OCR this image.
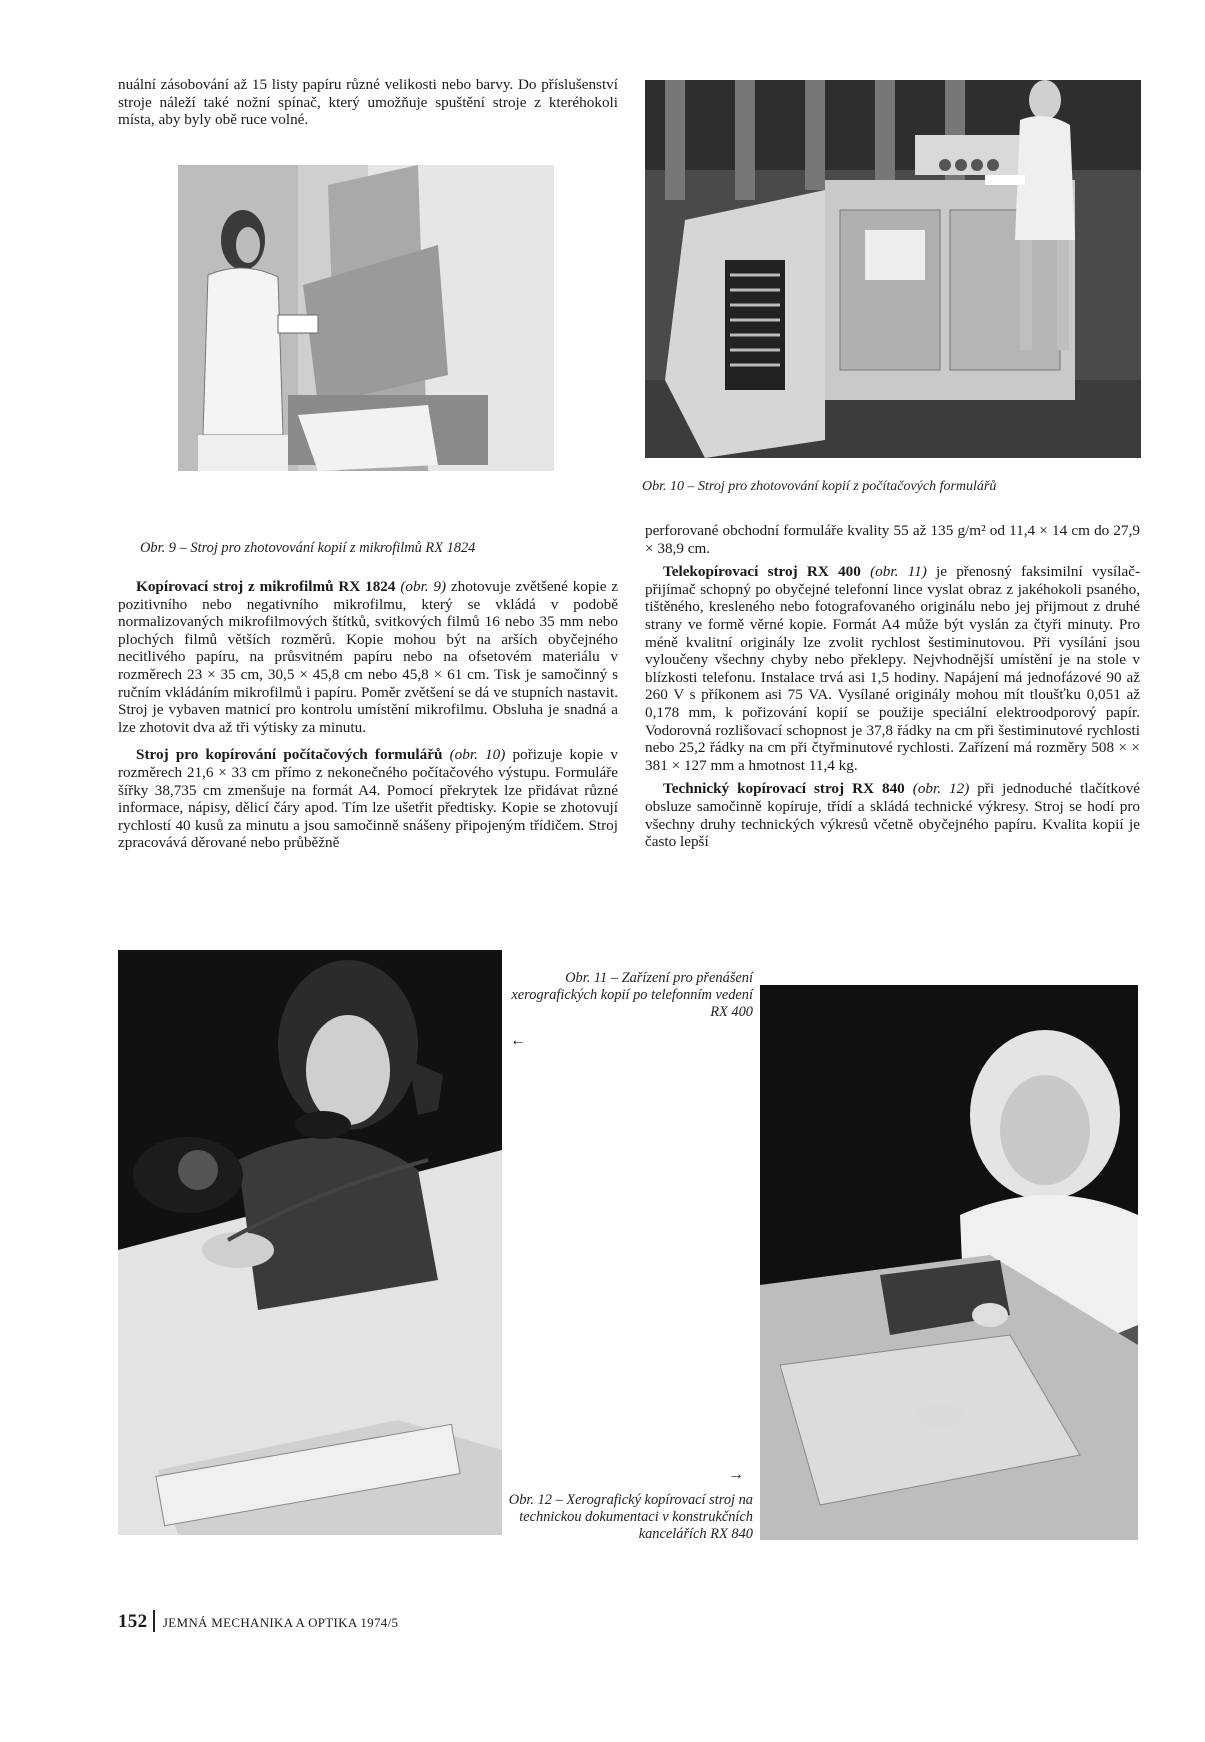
nuální zásobování až 15 listy papíru různé velikosti nebo barvy. Do příslušenství stroje náleží také nožní spínač, který umožňuje spuštění stroje z kteréhokoli místa, aby byly obě ruce volné.

Obr. 9 – Stroj pro zhotovování kopií z mikrofilmů RX 1824

Kopírovací stroj z mikrofilmů RX 1824 (obr. 9) zhotovuje zvětšené kopie z pozitivního nebo negativního mikrofilmu, který se vkládá v podobě normalizovaných mikrofilmových štítků, svitkových filmů 16 nebo 35 mm nebo plochých filmů větších rozměrů. Kopie mohou být na arších obyčejného necitlivého papíru, na průsvitném papíru nebo na ofsetovém materiálu v rozměrech 23 × 35 cm, 30,5 × 45,8 cm nebo 45,8 × 61 cm. Tisk je samočinný s ručním vkládáním mikrofilmů i papíru. Poměr zvětšení se dá ve stupních nastavit. Stroj je vybaven matnicí pro kontrolu umístění mikrofilmu. Obsluha je snadná a lze zhotovit dva až tři výtisky za minutu.

Stroj pro kopírování počítačových formulářů (obr. 10) pořizuje kopie v rozměrech 21,6 × 33 cm přímo z nekonečného počítačového výstupu. Formuláře šířky 38,735 cm zmenšuje na formát A4. Pomocí překrytek lze přidávat různé informace, nápisy, dělicí čáry apod. Tím lze ušetřit předtisky. Kopie se zhotovují rychlostí 40 kusů za minutu a jsou samočinně snášeny připojeným třídičem. Stroj zpracovává děrované nebo průběžně

Obr. 10 – Stroj pro zhotovování kopií z počítačových formulářů

perforované obchodní formuláře kvality 55 až 135 g/m² od 11,4 × 14 cm do 27,9 × 38,9 cm.

Telekopírovací stroj RX 400 (obr. 11) je přenosný faksimilní vysílač-přijímač schopný po obyčejné telefonní lince vyslat obraz z jakéhokoli psaného, tištěného, kresleného nebo fotografovaného originálu nebo jej přijmout z druhé strany ve formě věrné kopie. Formát A4 může být vyslán za čtyři minuty. Pro méně kvalitní originály lze zvolit rychlost šestiminutovou. Při vysílání jsou vyloučeny všechny chyby nebo překlepy. Nejvhodnější umístění je na stole v blízkosti telefonu. Instalace trvá asi 1,5 hodiny. Napájení má jednofázové 90 až 260 V s příkonem asi 75 VA. Vysílané originály mohou mít tloušťku 0,051 až 0,178 mm, k pořizování kopií se použije speciální elektroodporový papír. Vodorovná rozlišovací schopnost je 37,8 řádky na cm při šestiminutové rychlosti nebo 25,2 řádky na cm při čtyřminutové rychlosti. Zařízení má rozměry 508 × × 381 × 127 mm a hmotnost 11,4 kg.

Technický kopírovací stroj RX 840 (obr. 12) při jednoduché tlačítkové obsluze samočinně kopíruje, třídí a skládá technické výkresy. Stroj se hodí pro všechny druhy technických výkresů včetně obyčejného papíru. Kvalita kopií je často lepší

Obr. 11 – Zařízení pro přenášení xerografických kopií po telefonním vedení RX 400
←
→
Obr. 12 – Xerografický kopírovací stroj na technickou dokumentaci v konstrukčních kancelářích RX 840
152 JEMNÁ MECHANIKA A OPTIKA 1974/5
